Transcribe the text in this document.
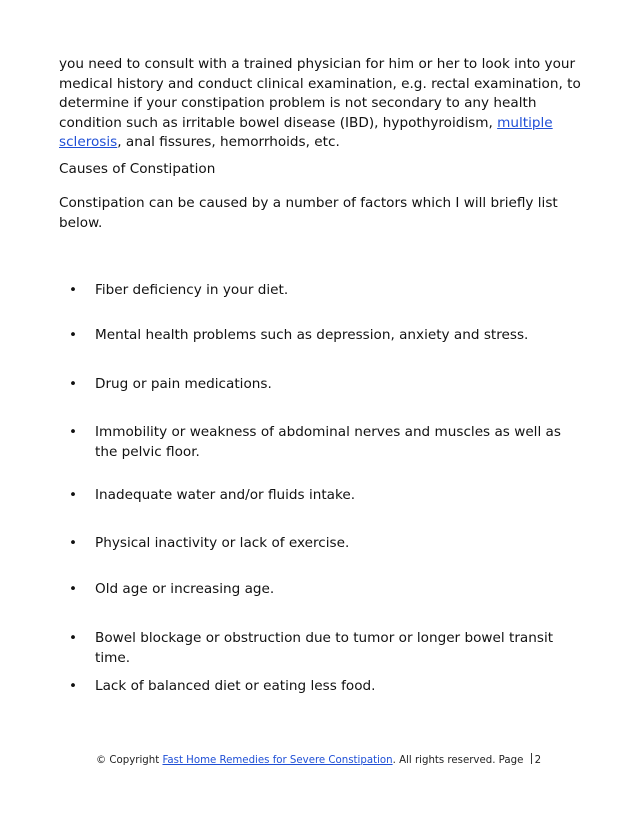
you need to consult with a trained physician for him or her to look into your medical history and conduct clinical examination, e.g. rectal examination, to determine if your constipation problem is not secondary to any health condition such as irritable bowel disease (IBD), hypothyroidism, multiple sclerosis, anal fissures, hemorrhoids, etc.

Causes of Constipation

Constipation can be caused by a number of factors which I will briefly list below.

•	Fiber deficiency in your diet.
•	Mental health problems such as depression, anxiety and stress.
•	Drug or pain medications.
•	Immobility or weakness of abdominal nerves and muscles as well as the pelvic floor.
•	Inadequate water and/or fluids intake.
•	Physical inactivity or lack of exercise.
•	Old age or increasing age.
•	Bowel blockage or obstruction due to tumor or longer bowel transit time.
•	Lack of balanced diet or eating less food.
© Copyright Fast Home Remedies for Severe Constipation. All rights reserved. Page 2
